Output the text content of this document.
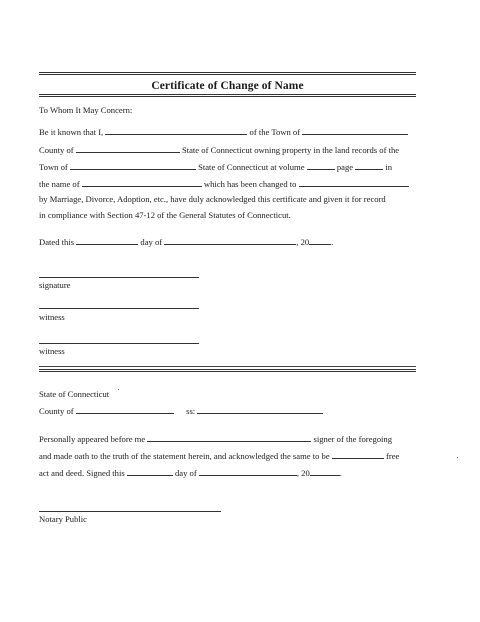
Certificate of Change of Name
To Whom It May Concern:
Be it known that I,	of the Town of
County of	State of Connecticut owning property in the land records of the
Town of	State of Connecticut at volume	page	in
the name of	which has been changed to
by Marriage, Divorce, Adoption, etc., have duly acknowledged this certificate and given it for record
in compliance with Section 47-12 of the General Statutes of Connecticut.
Dated this	day of	, 20	.
signature
witness
witness
State of Connecticut
County of	ss:
Personally appeared before me	signer of the foregoing
and made oath to the truth of the statement herein, and acknowledged the same to be	free
act and deed. Signed this	day of	, 20	.
Notary Public
